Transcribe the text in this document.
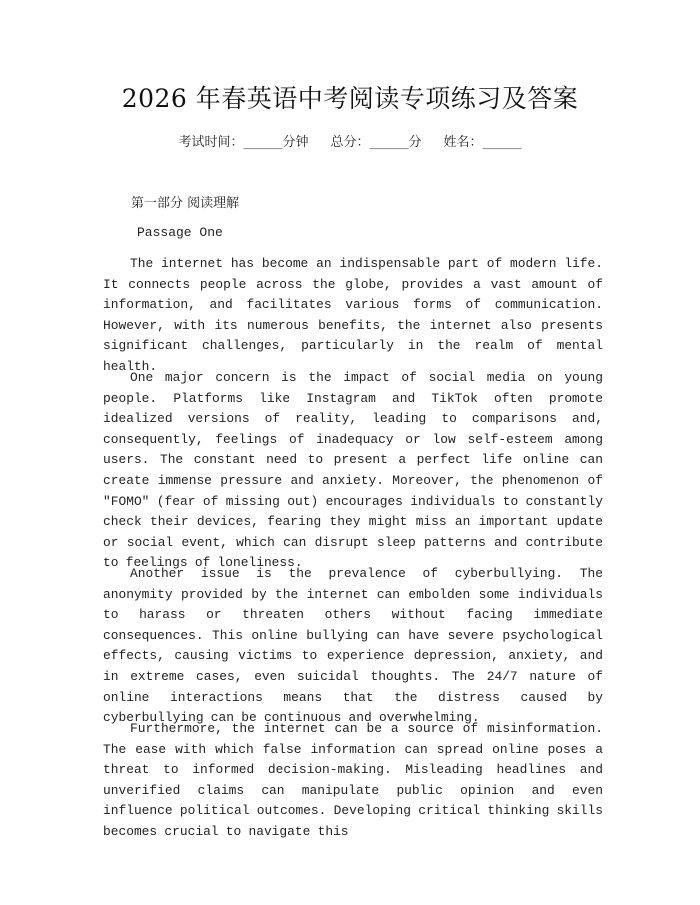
2026 年春英语中考阅读专项练习及答案
考试时间：______分钟 总分：______分 姓名：______
第一部分 阅读理解
Passage One

The internet has become an indispensable part of modern life. It connects people across the globe, provides a vast amount of information, and facilitates various forms of communication. However, with its numerous benefits, the internet also presents significant challenges, particularly in the realm of mental health.

One major concern is the impact of social media on young people. Platforms like Instagram and TikTok often promote idealized versions of reality, leading to comparisons and, consequently, feelings of inadequacy or low self-esteem among users. The constant need to present a perfect life online can create immense pressure and anxiety. Moreover, the phenomenon of "FOMO" (fear of missing out) encourages individuals to constantly check their devices, fearing they might miss an important update or social event, which can disrupt sleep patterns and contribute to feelings of loneliness.

Another issue is the prevalence of cyberbullying. The anonymity provided by the internet can embolden some individuals to harass or threaten others without facing immediate consequences. This online bullying can have severe psychological effects, causing victims to experience depression, anxiety, and in extreme cases, even suicidal thoughts. The 24/7 nature of online interactions means that the distress caused by cyberbullying can be continuous and overwhelming.

Furthermore, the internet can be a source of misinformation. The ease with which false information can spread online poses a threat to informed decision-making. Misleading headlines and unverified claims can manipulate public opinion and even influence political outcomes. Developing critical thinking skills becomes crucial to navigate this
